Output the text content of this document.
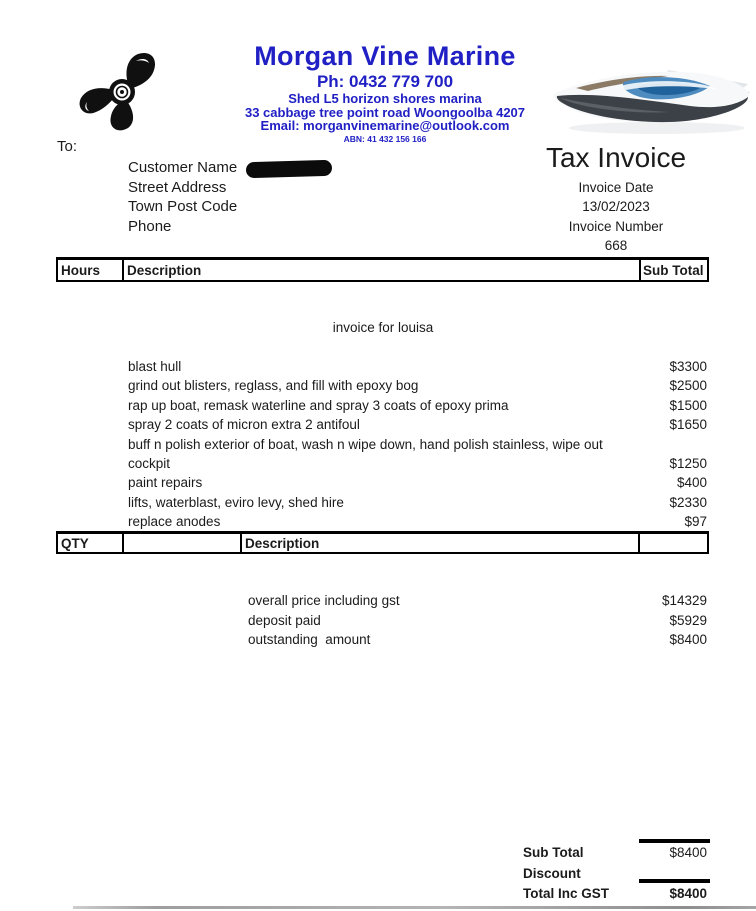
Morgan Vine Marine
Ph: 0432 779 700
Shed L5 horizon shores marina
33 cabbage tree point road Woongoolba 4207
Email: morganvinemarine@outlook.com
ABN: 41 432 156 166
To:
Customer Name
Street Address
Town Post Code
Phone
Tax Invoice
Invoice Date
13/02/2023
Invoice Number
668
Hours	Description	Sub Total
invoice for louisa
blast hull	$3300
grind out blisters, reglass, and fill with epoxy bog	$2500
rap up boat, remask waterline and spray 3 coats of epoxy prima	$1500
spray 2 coats of micron extra 2 antifoul	$1650
buff n polish exterior of boat, wash n wipe down, hand polish stainless, wipe out
cockpit	$1250
paint repairs	$400
lifts, waterblast, eviro levy, shed hire	$2330
replace anodes	$97
QTY	Description
overall price including gst	$14329
deposit paid	$5929
outstanding  amount	$8400
Sub Total	$8400
Discount
Total Inc GST	$8400
